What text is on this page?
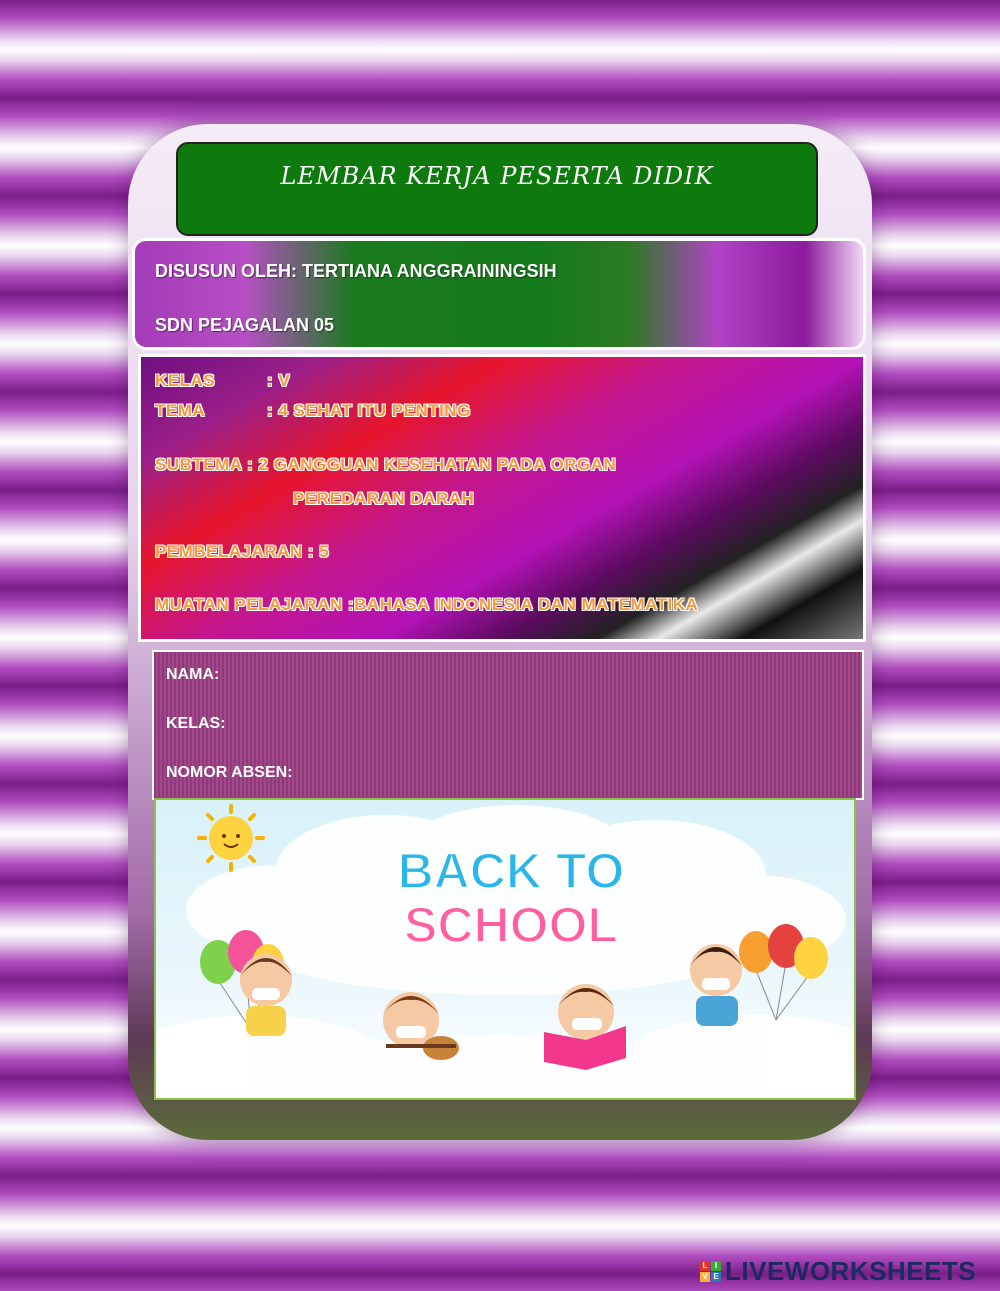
LEMBAR KERJA PESERTA DIDIK
DISUSUN OLEH: TERTIANA ANGGRAININGSIH
SDN PEJAGALAN 05
KELAS	: V
TEMA	: 4 SEHAT ITU PENTING
SUBTEMA : 2 GANGGUAN KESEHATAN PADA ORGAN
PEREDARAN DARAH
PEMBELAJARAN : 5
MUATAN PELAJARAN :BAHASA INDONESIA DAN MATEMATIKA
NAMA:
KELAS:
NOMOR ABSEN:
BACK TO
SCHOOL
L I
V E LIVEWORKSHEETS
